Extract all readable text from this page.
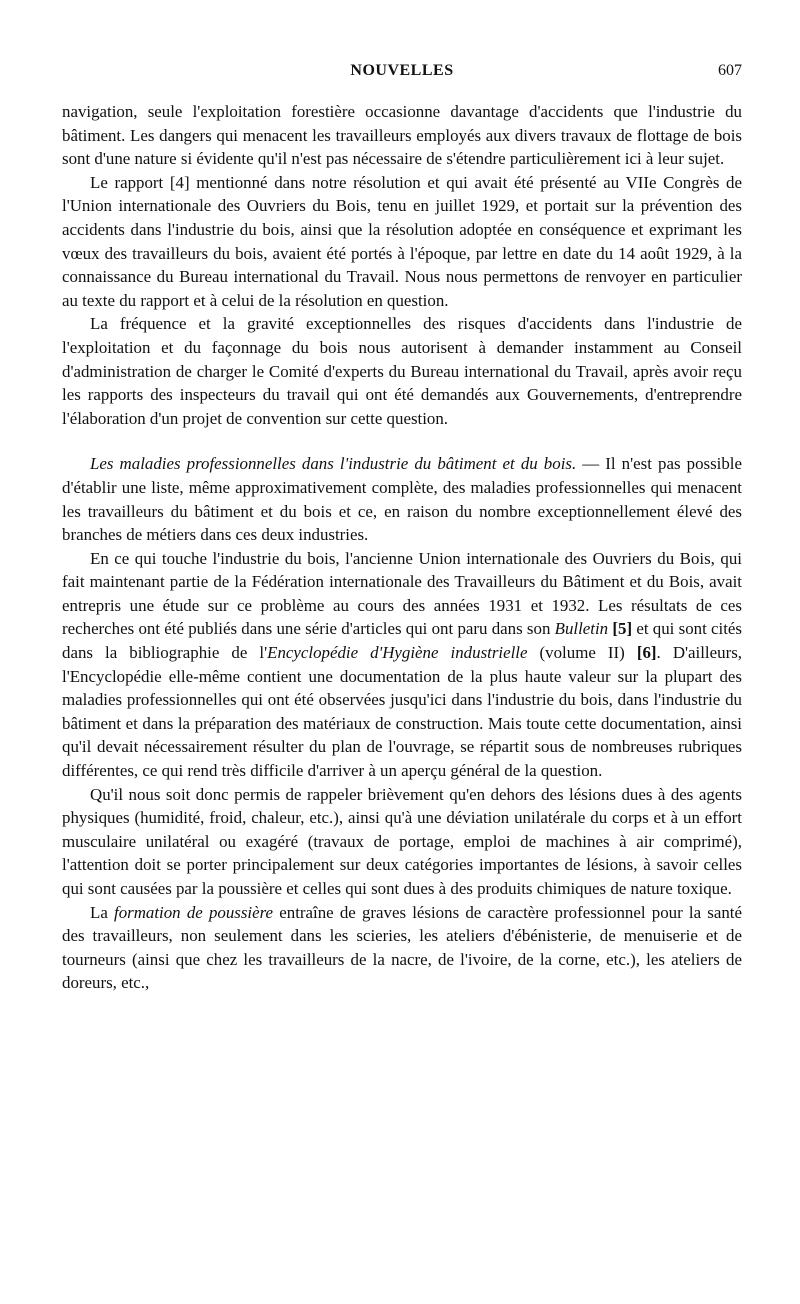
NOUVELLES	607

navigation, seule l'exploitation forestière occasionne davantage d'accidents que l'industrie du bâtiment. Les dangers qui menacent les travailleurs employés aux divers travaux de flottage de bois sont d'une nature si évidente qu'il n'est pas nécessaire de s'étendre particulièrement ici à leur sujet.

Le rapport [4] mentionné dans notre résolution et qui avait été présenté au VIIe Congrès de l'Union internationale des Ouvriers du Bois, tenu en juillet 1929, et portait sur la prévention des accidents dans l'industrie du bois, ainsi que la résolution adoptée en conséquence et exprimant les vœux des travailleurs du bois, avaient été portés à l'époque, par lettre en date du 14 août 1929, à la connaissance du Bureau international du Travail. Nous nous permettons de renvoyer en particulier au texte du rapport et à celui de la résolution en question.

La fréquence et la gravité exceptionnelles des risques d'accidents dans l'industrie de l'exploitation et du façonnage du bois nous autorisent à demander instamment au Conseil d'administration de charger le Comité d'experts du Bureau international du Travail, après avoir reçu les rapports des inspecteurs du travail qui ont été demandés aux Gouvernements, d'entreprendre l'élaboration d'un projet de convention sur cette question.

Les maladies professionnelles dans l'industrie du bâtiment et du bois. — Il n'est pas possible d'établir une liste, même approximativement complète, des maladies professionnelles qui menacent les travailleurs du bâtiment et du bois et ce, en raison du nombre exceptionnellement élevé des branches de métiers dans ces deux industries.

En ce qui touche l'industrie du bois, l'ancienne Union internationale des Ouvriers du Bois, qui fait maintenant partie de la Fédération internationale des Travailleurs du Bâtiment et du Bois, avait entrepris une étude sur ce problème au cours des années 1931 et 1932. Les résultats de ces recherches ont été publiés dans une série d'articles qui ont paru dans son Bulletin [5] et qui sont cités dans la bibliographie de l'Encyclopédie d'Hygiène industrielle (volume II) [6]. D'ailleurs, l'Encyclopédie elle-même contient une documentation de la plus haute valeur sur la plupart des maladies professionnelles qui ont été observées jusqu'ici dans l'industrie du bois, dans l'industrie du bâtiment et dans la préparation des matériaux de construction. Mais toute cette documentation, ainsi qu'il devait nécessairement résulter du plan de l'ouvrage, se répartit sous de nombreuses rubriques différentes, ce qui rend très difficile d'arriver à un aperçu général de la question.

Qu'il nous soit donc permis de rappeler brièvement qu'en dehors des lésions dues à des agents physiques (humidité, froid, chaleur, etc.), ainsi qu'à une déviation unilatérale du corps et à un effort musculaire unilatéral ou exagéré (travaux de portage, emploi de machines à air comprimé), l'attention doit se porter principalement sur deux catégories importantes de lésions, à savoir celles qui sont causées par la poussière et celles qui sont dues à des produits chimiques de nature toxique.

La formation de poussière entraîne de graves lésions de caractère professionnel pour la santé des travailleurs, non seulement dans les scieries, les ateliers d'ébénisterie, de menuiserie et de tourneurs (ainsi que chez les travailleurs de la nacre, de l'ivoire, de la corne, etc.), les ateliers de doreurs, etc.,
